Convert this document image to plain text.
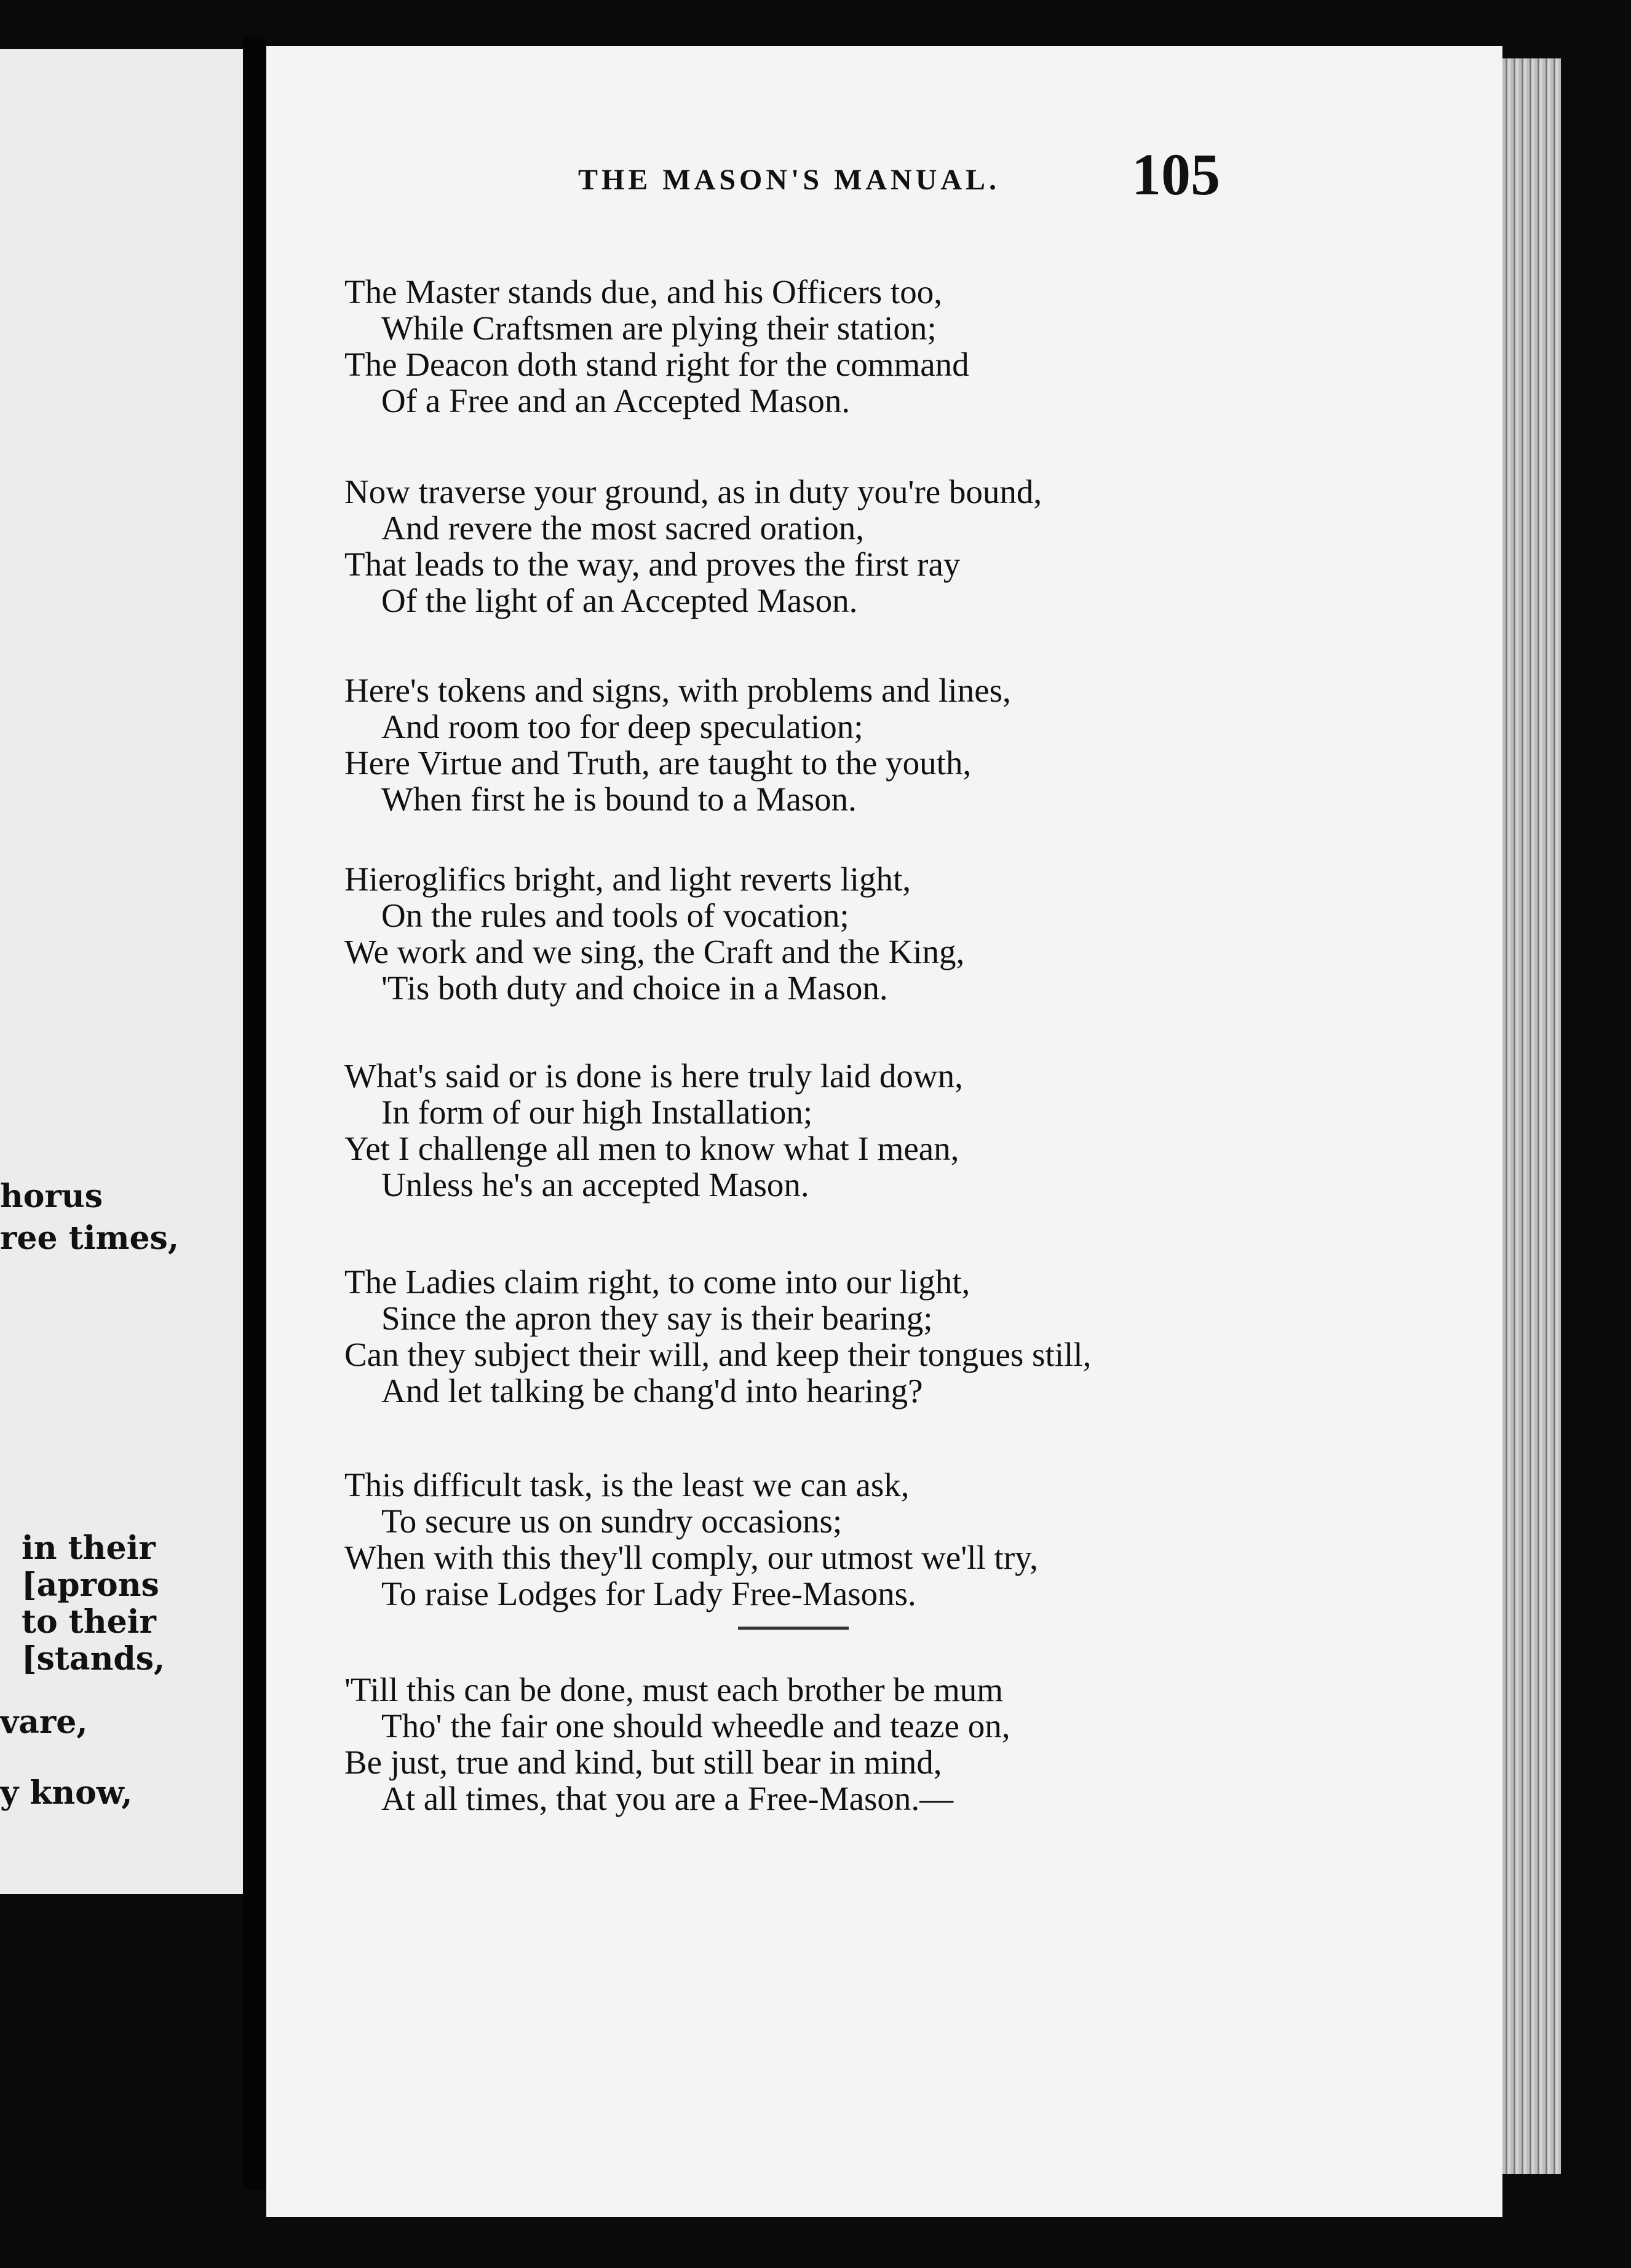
horus
ree times,
in their
[aprons
to their
[stands,
vare,
y know,
THE MASON'S MANUAL. 105
The Master stands due, and his Officers too,
While Craftsmen are plying their station;
The Deacon doth stand right for the command
Of a Free and an Accepted Mason.
Now traverse your ground, as in duty you're bound,
And revere the most sacred oration,
That leads to the way, and proves the first ray
Of the light of an Accepted Mason.
Here's tokens and signs, with problems and lines,
And room too for deep speculation;
Here Virtue and Truth, are taught to the youth,
When first he is bound to a Mason.
Hieroglifics bright, and light reverts light,
On the rules and tools of vocation;
We work and we sing, the Craft and the King,
'Tis both duty and choice in a Mason.
What's said or is done is here truly laid down,
In form of our high Installation;
Yet I challenge all men to know what I mean,
Unless he's an accepted Mason.
The Ladies claim right, to come into our light,
Since the apron they say is their bearing;
Can they subject their will, and keep their tongues still,
And let talking be chang'd into hearing?
This difficult task, is the least we can ask,
To secure us on sundry occasions;
When with this they'll comply, our utmost we'll try,
To raise Lodges for Lady Free-Masons.
'Till this can be done, must each brother be mum
Tho' the fair one should wheedle and teaze on,
Be just, true and kind, but still bear in mind,
At all times, that you are a Free-Mason.—
